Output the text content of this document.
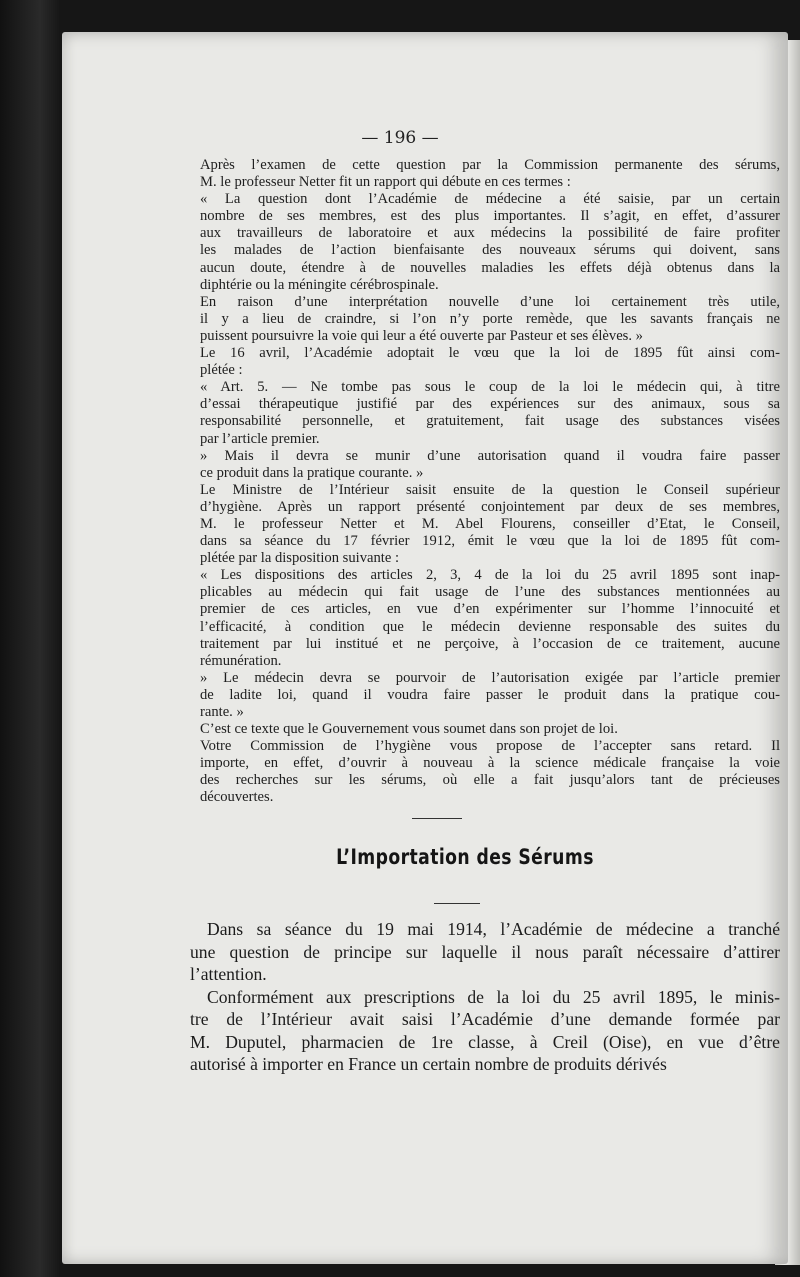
— 196 —
Après l’examen de cette question par la Commission permanente des sérums,
M. le professeur Netter fit un rapport qui débute en ces termes :
« La question dont l’Académie de médecine a été saisie, par un certain
nombre de ses membres, est des plus importantes. Il s’agit, en effet, d’assurer
aux travailleurs de laboratoire et aux médecins la possibilité de faire profiter
les malades de l’action bienfaisante des nouveaux sérums qui doivent, sans
aucun doute, étendre à de nouvelles maladies les effets déjà obtenus dans la
diphtérie ou la méningite cérébrospinale.
En raison d’une interprétation nouvelle d’une loi certainement très utile,
il y a lieu de craindre, si l’on n’y porte remède, que les savants français ne
puissent poursuivre la voie qui leur a été ouverte par Pasteur et ses élèves. »
Le 16 avril, l’Académie adoptait le vœu que la loi de 1895 fût ainsi com-
plétée :
« Art. 5. — Ne tombe pas sous le coup de la loi le médecin qui, à titre
d’essai thérapeutique justifié par des expériences sur des animaux, sous sa
responsabilité personnelle, et gratuitement, fait usage des substances visées
par l’article premier.
» Mais il devra se munir d’une autorisation quand il voudra faire passer
ce produit dans la pratique courante. »
Le Ministre de l’Intérieur saisit ensuite de la question le Conseil supérieur
d’hygiène. Après un rapport présenté conjointement par deux de ses membres,
M. le professeur Netter et M. Abel Flourens, conseiller d’Etat, le Conseil,
dans sa séance du 17 février 1912, émit le vœu que la loi de 1895 fût com-
plétée par la disposition suivante :
« Les dispositions des articles 2, 3, 4 de la loi du 25 avril 1895 sont inap-
plicables au médecin qui fait usage de l’une des substances mentionnées au
premier de ces articles, en vue d’en expérimenter sur l’homme l’innocuité et
l’efficacité, à condition que le médecin devienne responsable des suites du
traitement par lui institué et ne perçoive, à l’occasion de ce traitement, aucune
rémunération.
» Le médecin devra se pourvoir de l’autorisation exigée par l’article premier
de ladite loi, quand il voudra faire passer le produit dans la pratique cou-
rante. »
C’est ce texte que le Gouvernement vous soumet dans son projet de loi.
Votre Commission de l’hygiène vous propose de l’accepter sans retard. Il
importe, en effet, d’ouvrir à nouveau à la science médicale française la voie
des recherches sur les sérums, où elle a fait jusqu’alors tant de précieuses
découvertes.
L’Importation des Sérums
Dans sa séance du 19 mai 1914, l’Académie de médecine a tranché
une question de principe sur laquelle il nous paraît nécessaire d’attirer
l’attention.
Conformément aux prescriptions de la loi du 25 avril 1895, le minis-
tre de l’Intérieur avait saisi l’Académie d’une demande formée par
M. Duputel, pharmacien de 1re classe, à Creil (Oise), en vue d’être
autorisé à importer en France un certain nombre de produits dérivés
